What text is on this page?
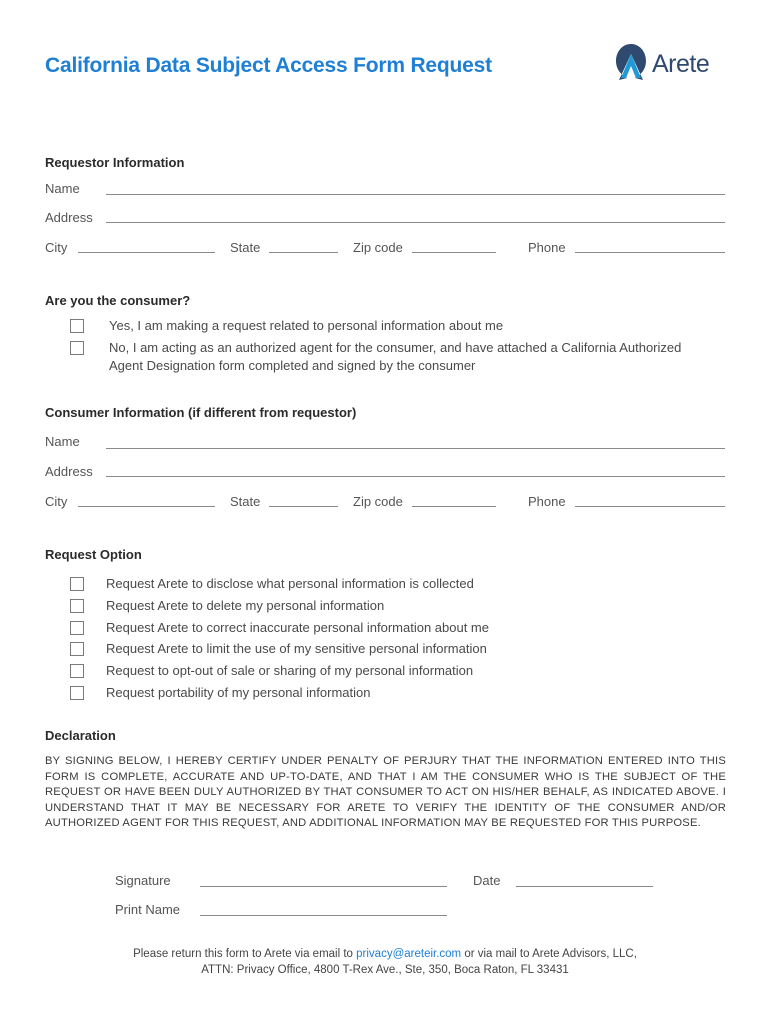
California Data Subject Access Form Request	Arete
Requestor Information
Name
Address
City	State	Zip code	Phone
Are you the consumer?
Yes, I am making a request related to personal information about me
No, I am acting as an authorized agent for the consumer, and have attached a California Authorized
Agent Designation form completed and signed by the consumer
Consumer Information (if different from requestor)
Name
Address
City	State	Zip code	Phone
Request Option
Request Arete to disclose what personal information is collected
Request Arete to delete my personal information
Request Arete to correct inaccurate personal information about me
Request Arete to limit the use of my sensitive personal information
Request to opt-out of sale or sharing of my personal information
Request portability of my personal information
Declaration
BY SIGNING BELOW, I HEREBY CERTIFY UNDER PENALTY OF PERJURY THAT THE INFORMATION ENTERED INTO THIS FORM IS COMPLETE, ACCURATE AND UP-TO-DATE, AND THAT I AM THE CONSUMER WHO IS THE SUBJECT OF THE REQUEST OR HAVE BEEN DULY AUTHORIZED BY THAT CONSUMER TO ACT ON HIS/HER BEHALF, AS INDICATED ABOVE. I UNDERSTAND THAT IT MAY BE NECESSARY FOR ARETE TO VERIFY THE IDENTITY OF THE CONSUMER AND/OR AUTHORIZED AGENT FOR THIS REQUEST, AND ADDITIONAL INFORMATION MAY BE REQUESTED FOR THIS PURPOSE.
Signature	Date
Print Name
Please return this form to Arete via email to privacy@areteir.com or via mail to Arete Advisors, LLC,
ATTN: Privacy Office, 4800 T-Rex Ave., Ste, 350, Boca Raton, FL 33431
